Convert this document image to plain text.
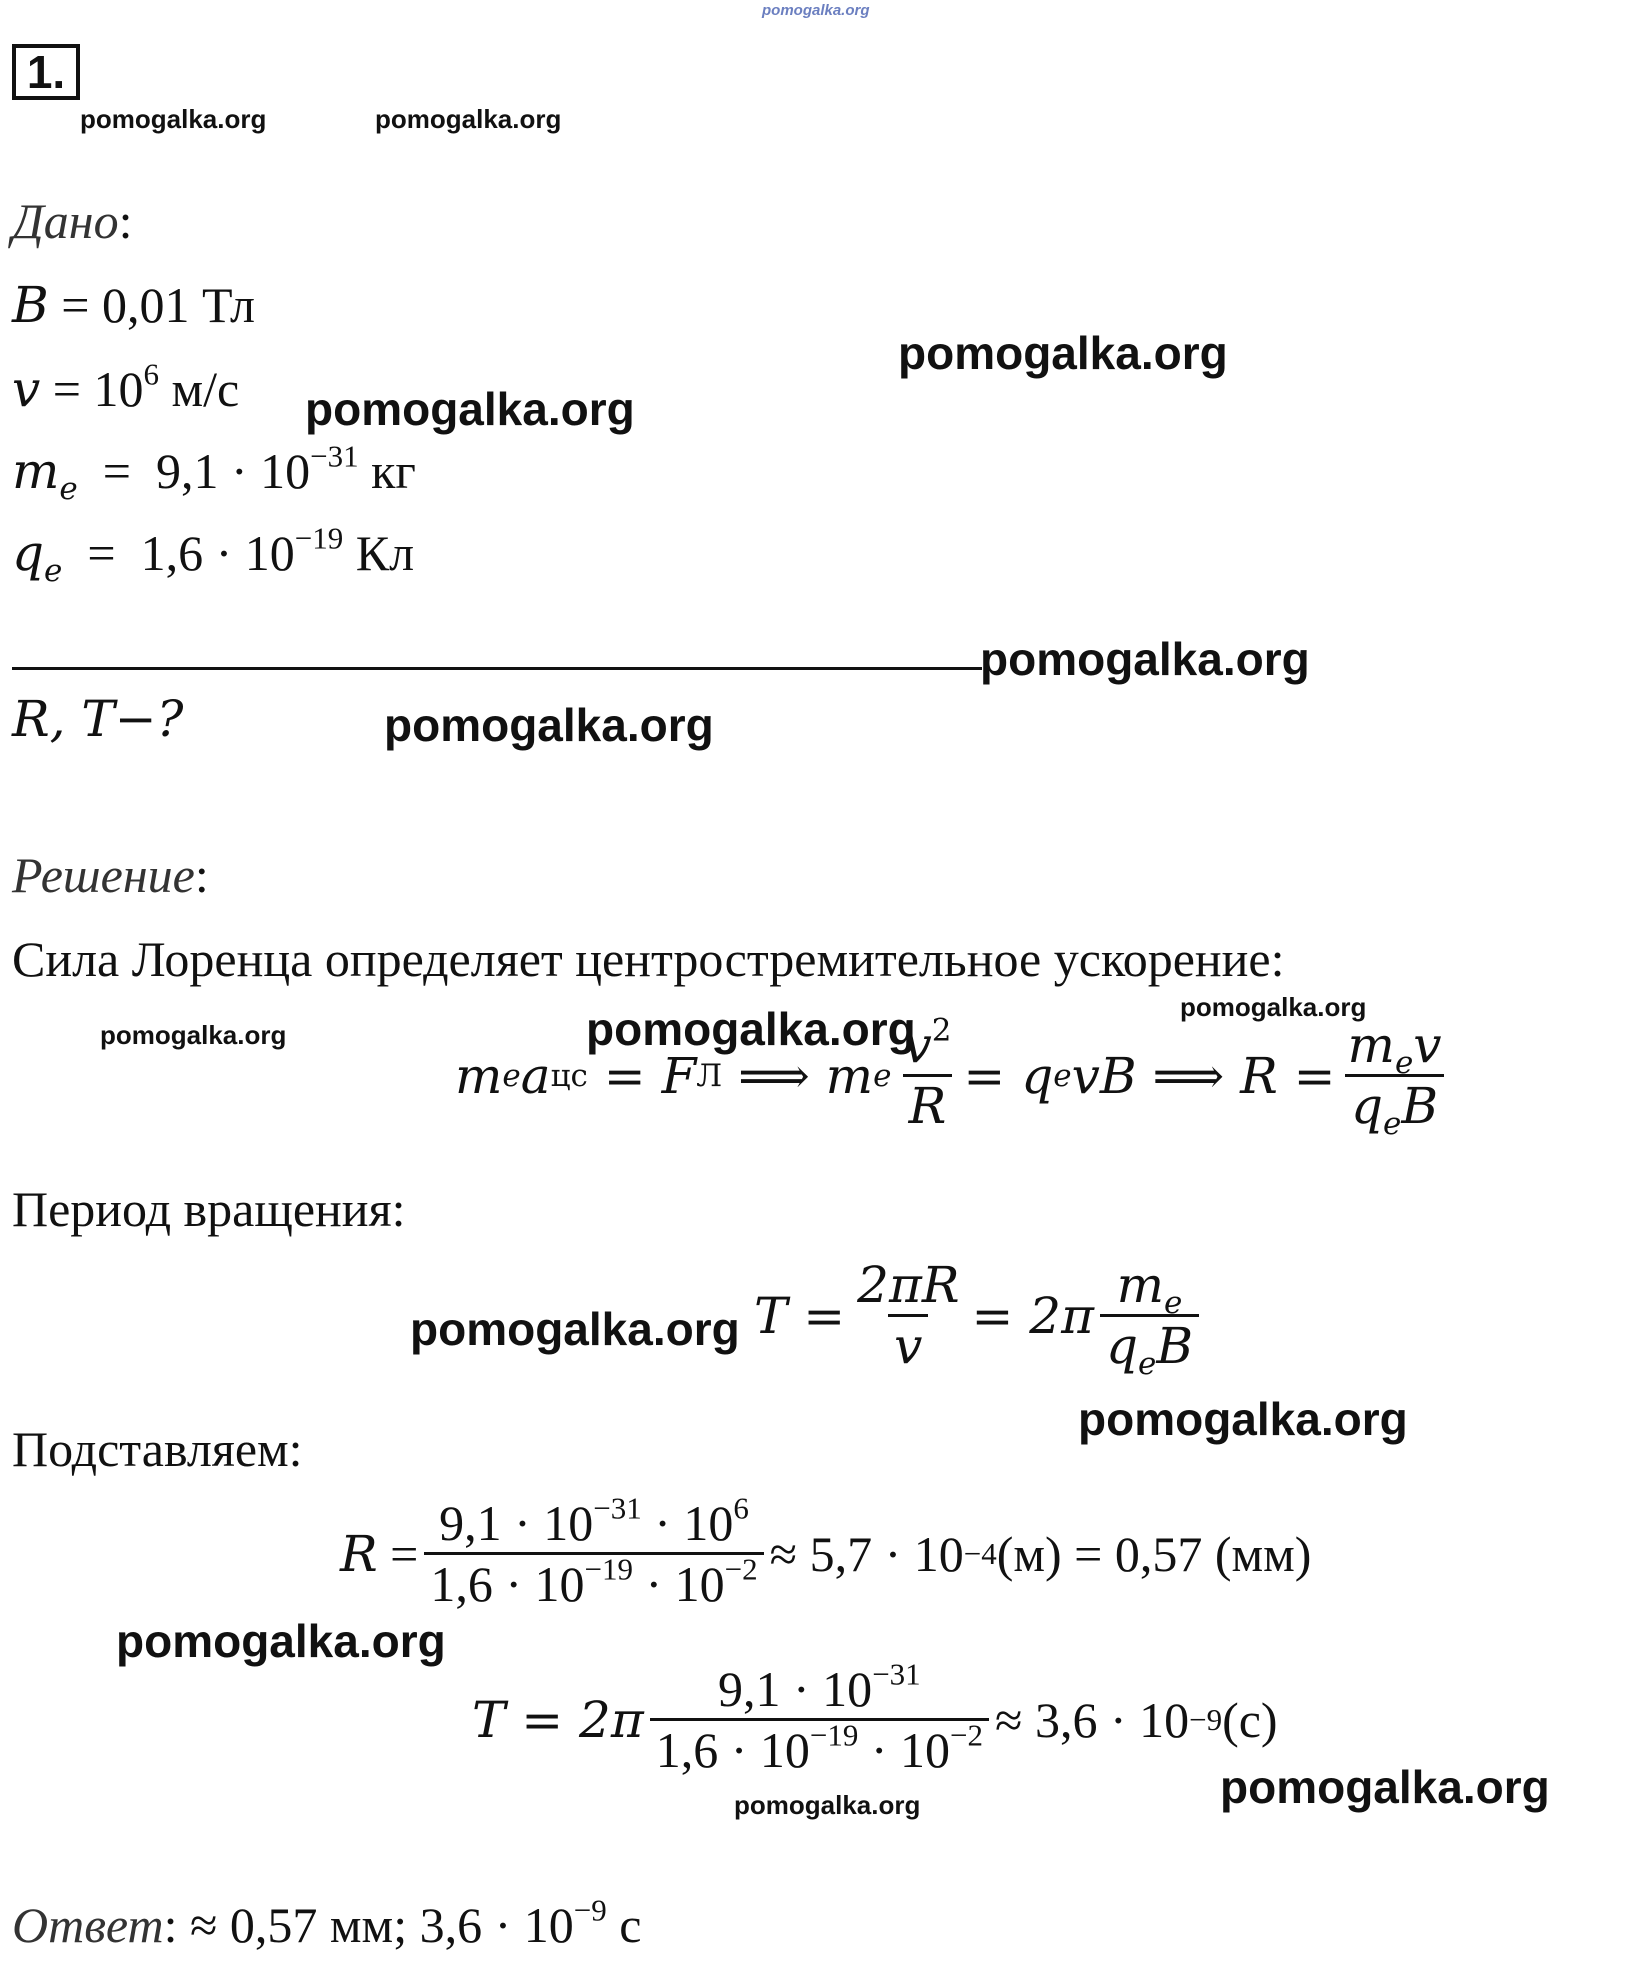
pomogalka.org
1.
pomogalka.org	pomogalka.org
Дано:
B = 0,01 Тл
$v = 10^6$ м/с
$m_e = 9,1 \cdot 10^{-31}$ кг
$q_e = 1,6 \cdot 10^{-19}$ Кл
pomogalka.org
pomogalka.org
pomogalka.org
R, T−?	pomogalka.org
Решение:
Сила Лоренца определяет центростремительное ускорение:
pomogalka.org	pomogalka.org	pomogalka.org
m e a цс = F Л
⟹
m e $\frac{v^2}{R} = q$ e vB
⟹ $R = \frac{m_ev}{q_eB}$
Период вращения:
pomogalka.org $T = \frac{2\pi R}{v} = 2\pi \frac{m_e}{q_eB}$
pomogalka.org
Подставляем:
$R = \frac{9,1 \cdot 10^{-31} \cdot 10^6}{1,6 \cdot 10^{-19} \cdot 10^{-2}} \approx 5,7 \cdot 10 -4$ (м) = 0,57 (мм)
pomogalka.org
$T = 2\pi \frac{9,1 \cdot 10^{-31}}{1,6 \cdot 10^{-19} \cdot 10^{-2}} \approx 3,6 \cdot 10 -9$ (с)
pomogalka.org	pomogalka.org
Ответ: ≈ 0,57 мм; $3,6 \cdot 10^{-9}$ с
